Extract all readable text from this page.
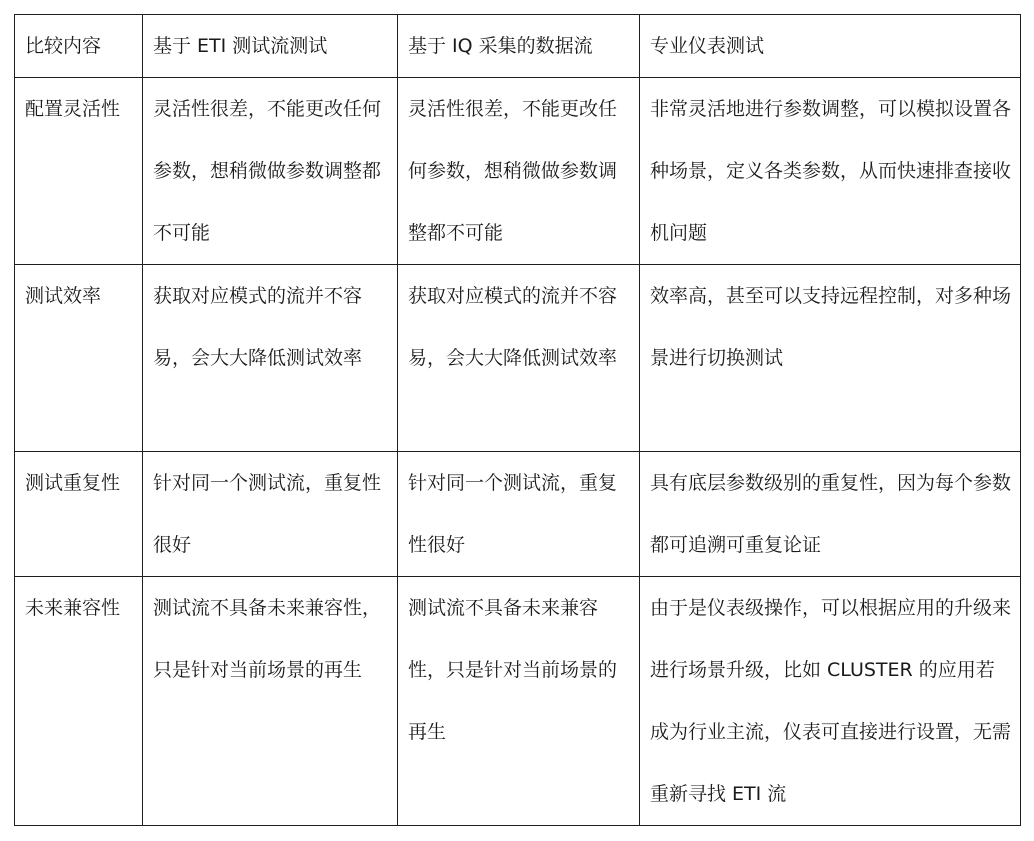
比较内容	基于 ETI 测试流测试	基于 IQ 采集的数据流	专业仪表测试
配置灵活性	灵活性很差，不能更改任何参数，想稍微做参数调整都不可能	灵活性很差，不能更改任何参数，想稍微做参数调整都不可能	非常灵活地进行参数调整，可以模拟设置各种场景，定义各类参数，从而快速排查接收机问题
测试效率	获取对应模式的流并不容易，会大大降低测试效率	获取对应模式的流并不容易，会大大降低测试效率	效率高，甚至可以支持远程控制，对多种场景进行切换测试
测试重复性	针对同一个测试流，重复性很好	针对同一个测试流，重复性很好	具有底层参数级别的重复性，因为每个参数都可追溯可重复论证
未来兼容性	测试流不具备未来兼容性，只是针对当前场景的再生	测试流不具备未来兼容性，只是针对当前场景的再生	由于是仪表级操作，可以根据应用的升级来进行场景升级，比如 CLUSTER 的应用若成为行业主流，仪表可直接进行设置，无需重新寻找 ETI 流
